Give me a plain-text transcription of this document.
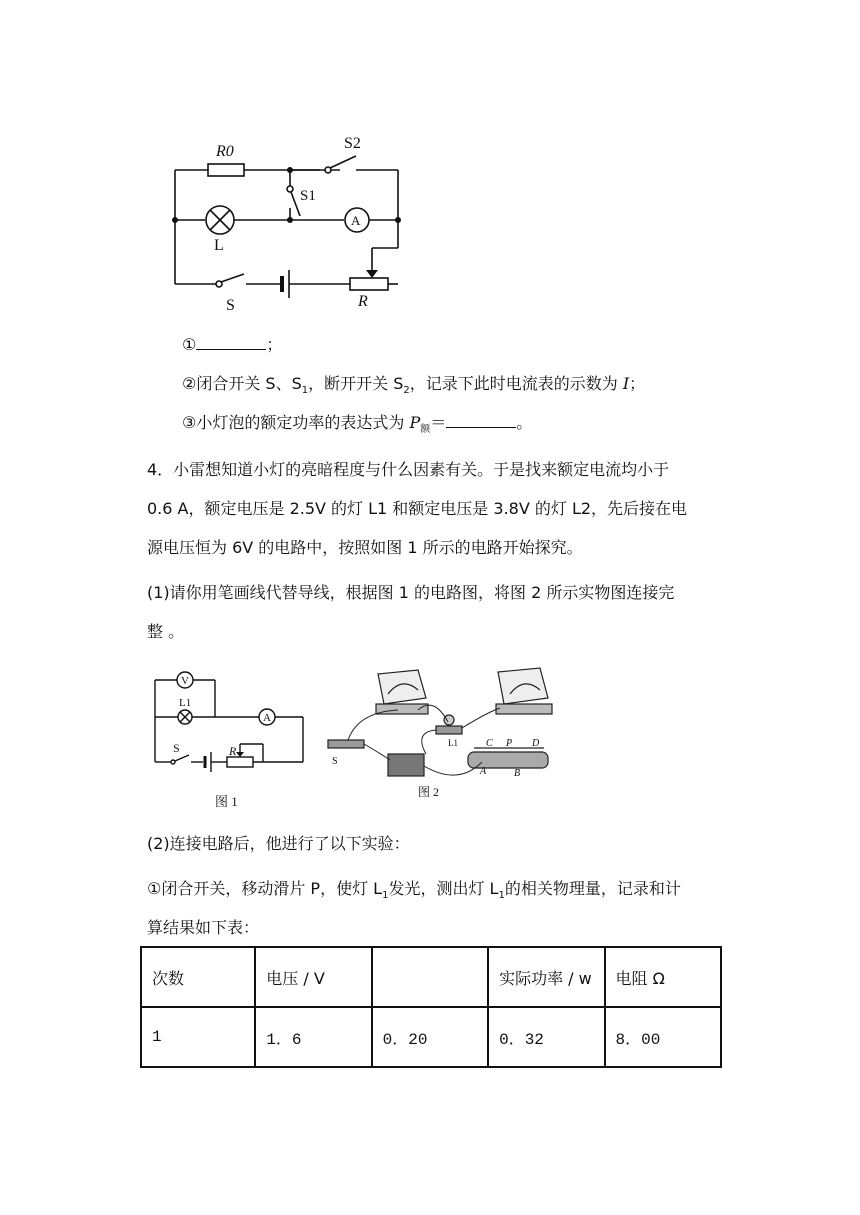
R0	S2
S1
L
A
S	R
①	；
②闭合开关 S、$S_1$，断开开关 $S_2$，记录下此时电流表的示数为 I；
③小灯泡的额定功率的表达式为 $P_额=$	。
4．小雷想知道小灯的亮暗程度与什么因素有关。于是找来额定电流均小于
0.6 A，额定电压是 2.5V 的灯 L1 和额定电压是 3.8V 的灯 L2，先后接在电
源电压恒为 6V 的电路中，按照如图 1 所示的电路开始探究。
(1)请你用笔画线代替导线，根据图 1 的电路图，将图 2 所示实物图连接完
整 。
V
L1
A
S	R
图 1
S
L1	C P D
A	B
图 2
(2)连接电路后，他进行了以下实验：
①闭合开关，移动滑片 P，使灯 $L_1$发光，测出灯 $L_1$的相关物理量，记录和计
算结果如下表：
次数	电压 / V		实际功率 / w	电阻 Ω
1	1．6	0．20	0．32	8．00
